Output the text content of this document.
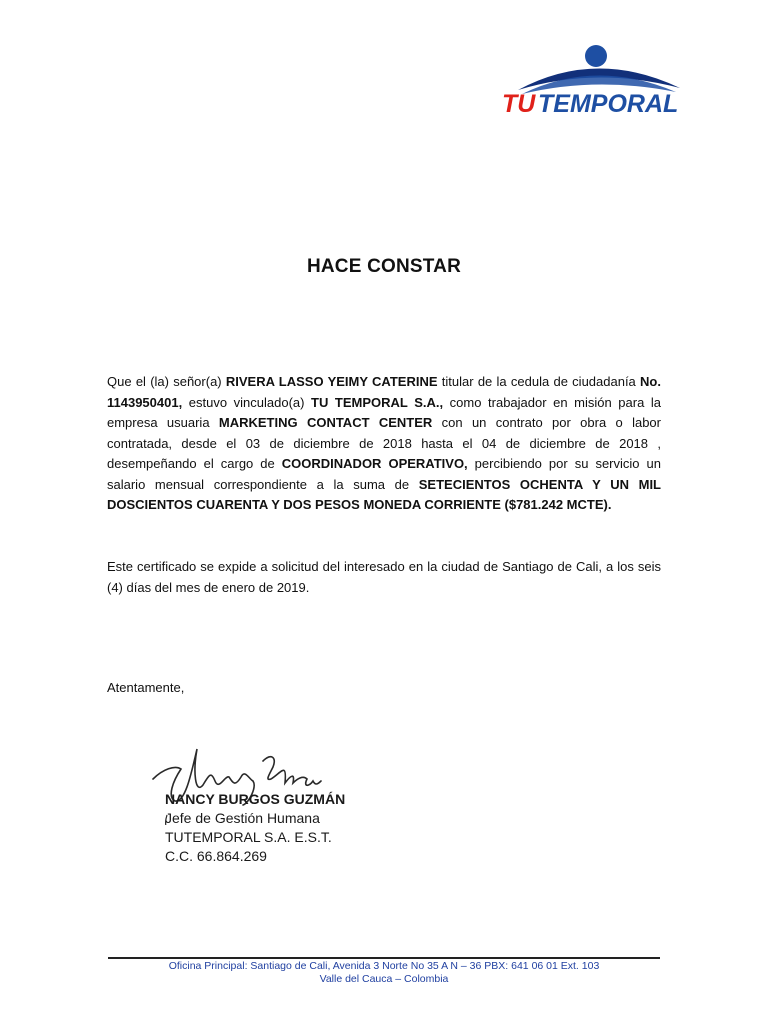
TU TEMPORAL
HACE CONSTAR
Que el (la) señor(a) RIVERA LASSO YEIMY CATERINE titular de la cedula de ciudadanía No. 1143950401, estuvo vinculado(a) TU TEMPORAL S.A., como trabajador en misión para la empresa usuaria MARKETING CONTACT CENTER con un contrato por obra o labor contratada, desde el 03 de diciembre de 2018 hasta el 04 de diciembre de 2018 , desempeñando el cargo de COORDINADOR OPERATIVO, percibiendo por su servicio un salario mensual correspondiente a la suma de SETECIENTOS OCHENTA Y UN MIL DOSCIENTOS CUARENTA Y DOS PESOS MONEDA CORRIENTE ($781.242 MCTE).
Este certificado se expide a solicitud del interesado en la ciudad de Santiago de Cali, a los seis (4) días del mes de enero de 2019.
Atentamente,
NANCY BURGOS GUZMÁN
Jefe de Gestión Humana
TUTEMPORAL S.A. E.S.T.
C.C. 66.864.269
Oficina Principal: Santiago de Cali, Avenida 3 Norte No 35 A N – 36 PBX: 641 06 01 Ext. 103
Valle del Cauca – Colombia
